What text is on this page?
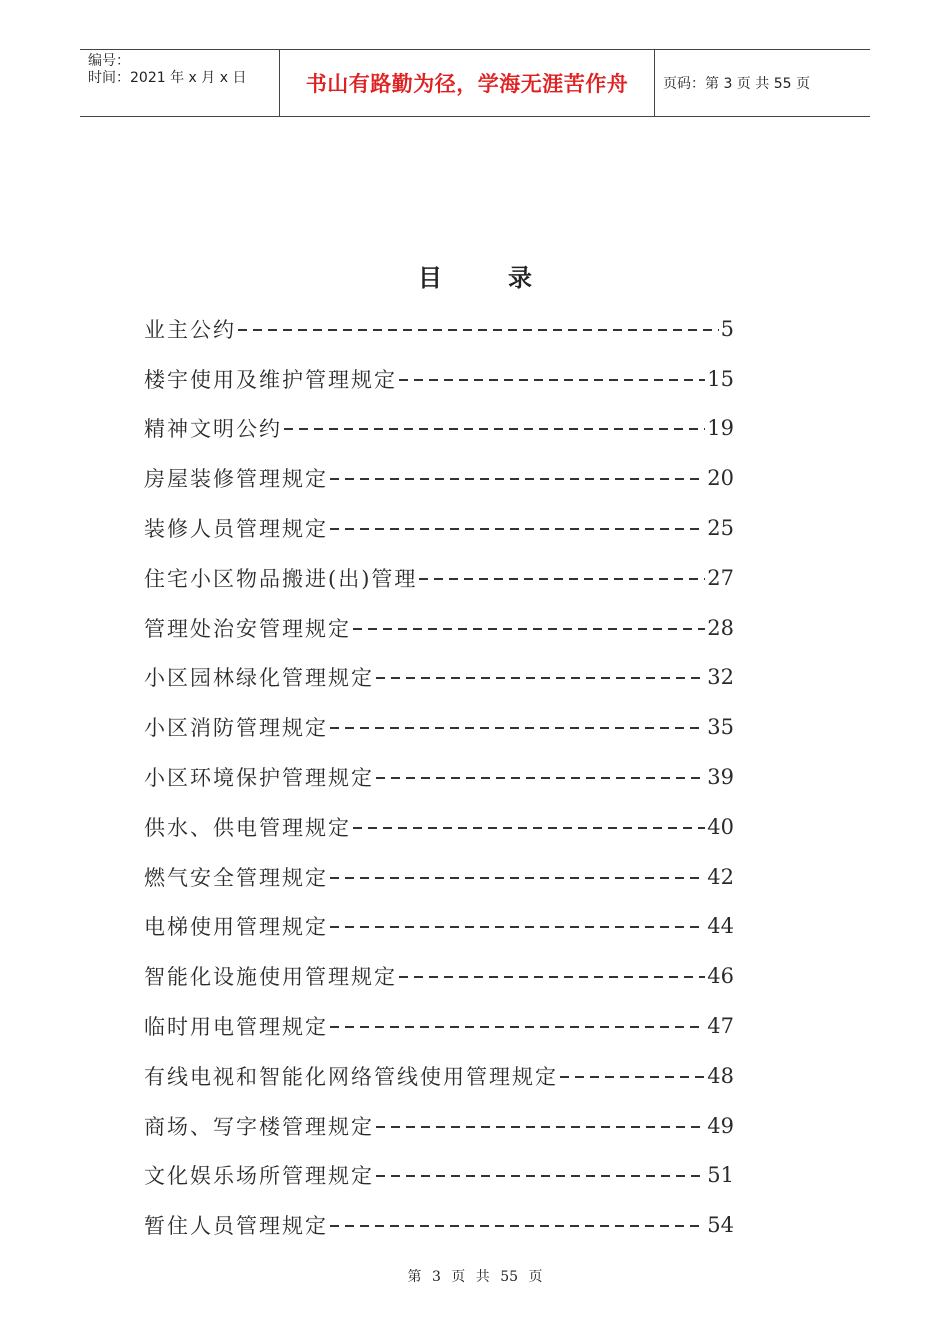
编号：
时间：2021 年 x 月 x 日	书山有路勤为径，学海无涯苦作舟	页码：第 3 页 共 55 页
目录
业主公约	5
楼宇使用及维护管理规定	15
精神文明公约	19
房屋装修管理规定	20
装修人员管理规定	25
住宅小区物品搬进(出)管理	27
管理处治安管理规定	28
小区园林绿化管理规定	32
小区消防管理规定	35
小区环境保护管理规定	39
供水、供电管理规定	40
燃气安全管理规定	42
电梯使用管理规定	44
智能化设施使用管理规定	46
临时用电管理规定	47
有线电视和智能化网络管线使用管理规定	48
商场、写字楼管理规定	49
文化娱乐场所管理规定	51
暂住人员管理规定	54
第 3 页 共 55 页
